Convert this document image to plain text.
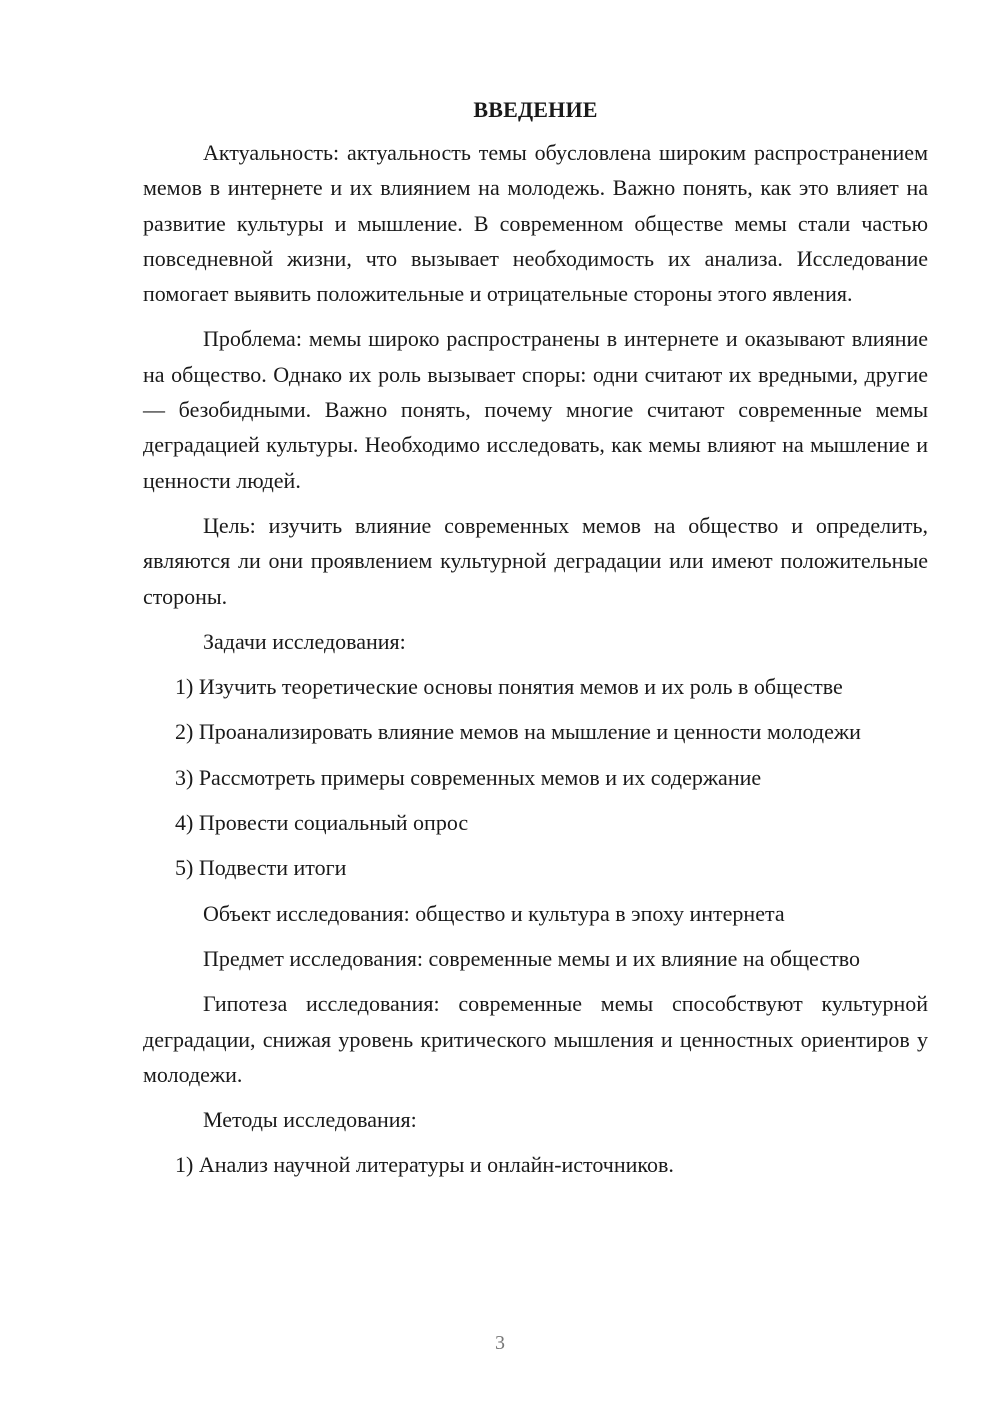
ВВЕДЕНИЕ

Актуальность: актуальность темы обусловлена широким распространением мемов в интернете и их влиянием на молодежь. Важно понять, как это влияет на развитие культуры и мышление. В современном обществе мемы стали частью повседневной жизни, что вызывает необходимость их анализа. Исследование помогает выявить положительные и отрицательные стороны этого явления.

Проблема: мемы широко распространены в интернете и оказывают влияние на общество. Однако их роль вызывает споры: одни считают их вредными, другие — безобидными. Важно понять, почему многие считают современные мемы деградацией культуры. Необходимо исследовать, как мемы влияют на мышление и ценности людей.

Цель: изучить влияние современных мемов на общество и определить, являются ли они проявлением культурной деградации или имеют положительные стороны.

Задачи исследования:

1) Изучить теоретические основы понятия мемов и их роль в обществе

2) Проанализировать влияние мемов на мышление и ценности молодежи

3) Рассмотреть примеры современных мемов и их содержание

4) Провести социальный опрос

5) Подвести итоги

Объект исследования: общество и культура в эпоху интернета

Предмет исследования: современные мемы и их влияние на общество

Гипотеза исследования: современные мемы способствуют культурной деградации, снижая уровень критического мышления и ценностных ориентиров у молодежи.

Методы исследования:

1) Анализ научной литературы и онлайн-источников.

3
